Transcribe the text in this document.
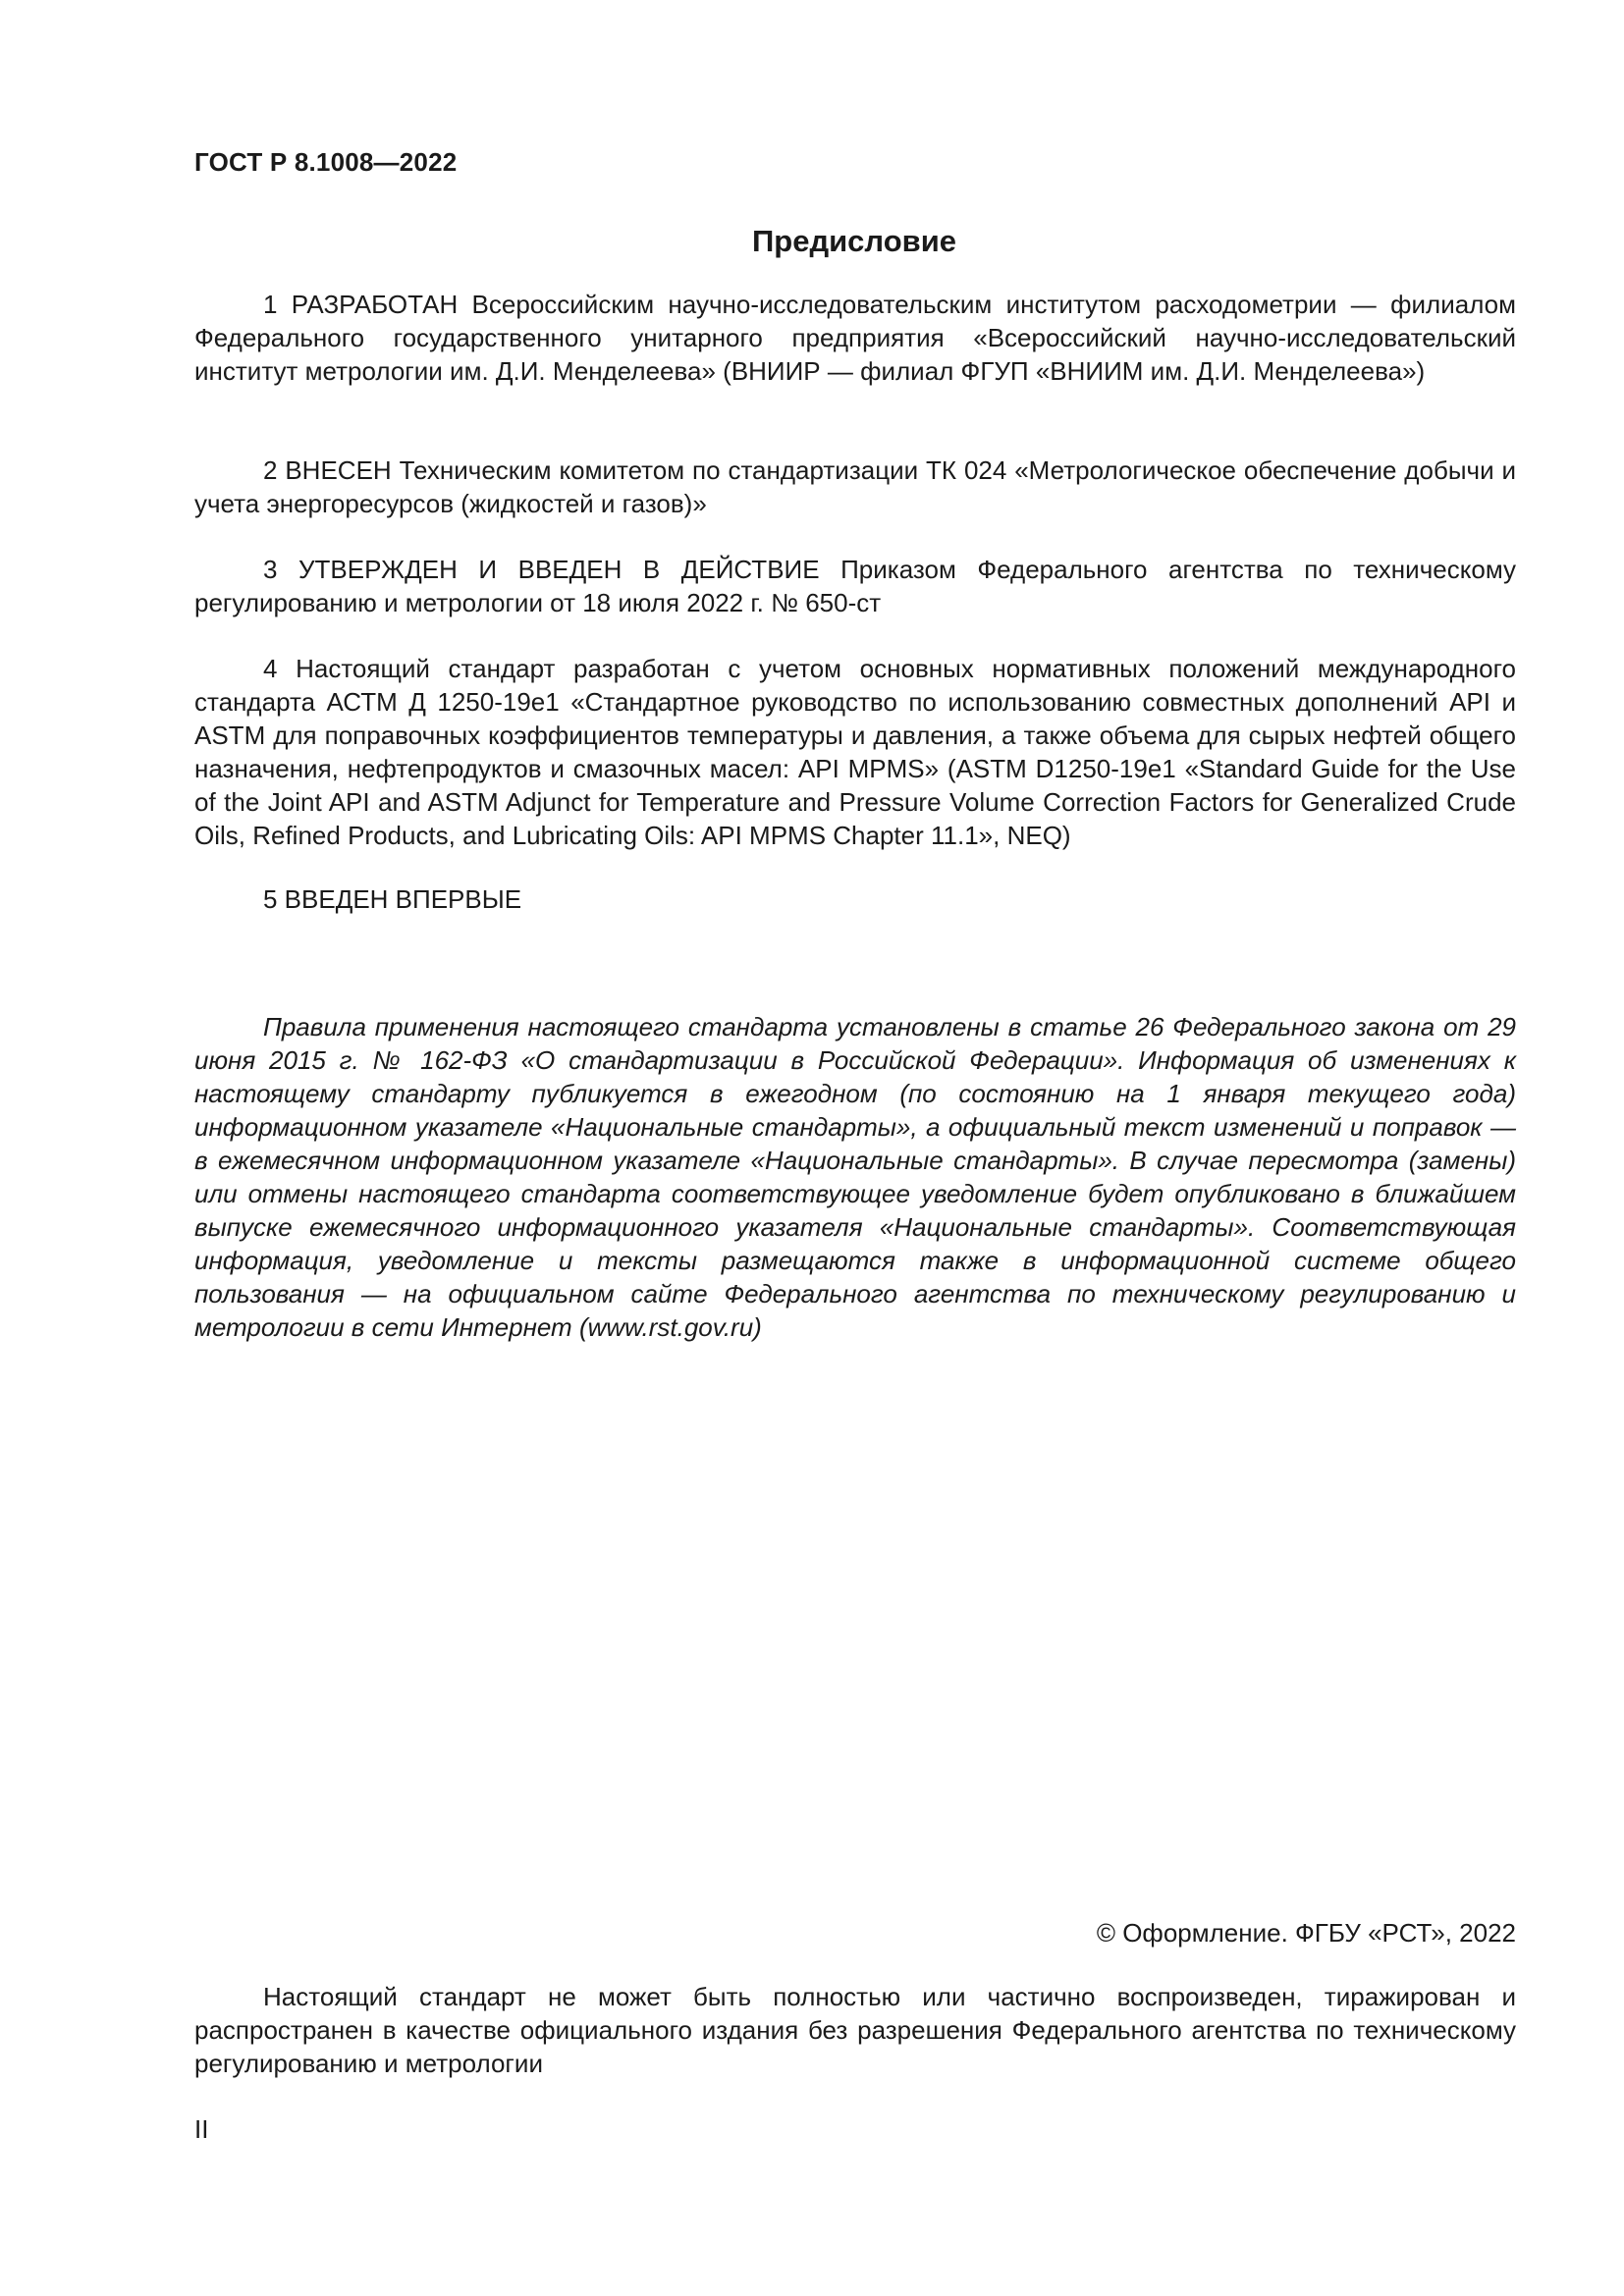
ГОСТ Р 8.1008—2022
Предисловие

1 РАЗРАБОТАН Всероссийским научно-исследовательским институтом расходометрии — филиалом Федерального государственного унитарного предприятия «Всероссийский научно-исследовательский институт метрологии им. Д.И. Менделеева» (ВНИИР — филиал ФГУП «ВНИИМ им. Д.И. Менделеева»)

2 ВНЕСЕН Техническим комитетом по стандартизации ТК 024 «Метрологическое обеспечение добычи и учета энергоресурсов (жидкостей и газов)»

3 УТВЕРЖДЕН И ВВЕДЕН В ДЕЙСТВИЕ Приказом Федерального агентства по техническому регулированию и метрологии от 18 июля 2022 г. № 650-ст

4 Настоящий стандарт разработан с учетом основных нормативных положений международного стандарта АСТМ Д 1250-19е1 «Стандартное руководство по использованию совместных дополнений API и ASTM для поправочных коэффициентов температуры и давления, а также объема для сырых нефтей общего назначения, нефтепродуктов и смазочных масел: API MPMS» (ASTM D1250-19e1 «Standard Guide for the Use of the Joint API and ASTM Adjunct for Temperature and Pressure Volume Correction Factors for Generalized Crude Oils, Refined Products, and Lubricating Oils: API MPMS Chapter 11.1», NEQ)

5 ВВЕДЕН ВПЕРВЫЕ

Правила применения настоящего стандарта установлены в статье 26 Федерального закона от 29 июня 2015 г. № 162-ФЗ «О стандартизации в Российской Федерации». Информация об изменениях к настоящему стандарту публикуется в ежегодном (по состоянию на 1 января текущего года) информационном указателе «Национальные стандарты», а официальный текст изменений и поправок — в ежемесячном информационном указателе «Национальные стандарты». В случае пересмотра (замены) или отмены настоящего стандарта соответствующее уведомление будет опубликовано в ближайшем выпуске ежемесячного информационного указателя «Национальные стандарты». Соответствующая информация, уведомление и тексты размещаются также в информационной системе общего пользования — на официальном сайте Федерального агентства по техническому регулированию и метрологии в сети Интернет (www.rst.gov.ru)

© Оформление. ФГБУ «РСТ», 2022

Настоящий стандарт не может быть полностью или частично воспроизведен, тиражирован и распространен в качестве официального издания без разрешения Федерального агентства по техническому регулированию и метрологии

II
